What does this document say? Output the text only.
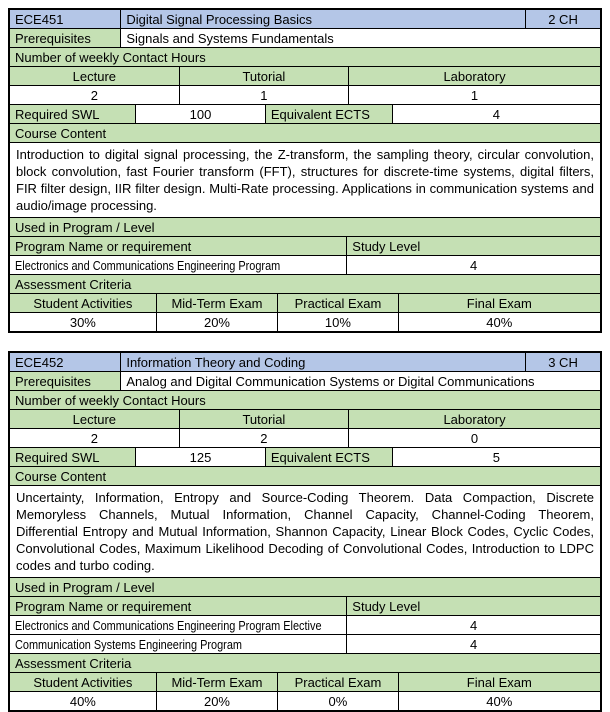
ECE451	Digital Signal Processing Basics	2 CH
Prerequisites	Signals and Systems Fundamentals
Number of weekly Contact Hours
Lecture	Tutorial	Laboratory
2	1	1
Required SWL	100	Equivalent ECTS	4
Course Content
Introduction to digital signal processing, the Z-transform, the sampling theory, circular convolution, block convolution, fast Fourier transform (FFT), structures for discrete-time systems, digital filters, FIR filter design, IIR filter design. Multi-Rate processing. Applications in communication systems and audio/image processing.
Used in Program / Level
Program Name or requirement	Study Level
Electronics and Communications Engineering Program	4
Assessment Criteria
Student Activities	Mid-Term Exam	Practical Exam	Final Exam
30%	20%	10%	40%
ECE452	Information Theory and Coding	3 CH
Prerequisites	Analog and Digital Communication Systems or Digital Communications
Number of weekly Contact Hours
Lecture	Tutorial	Laboratory
2	2	0
Required SWL	125	Equivalent ECTS	5
Course Content
Uncertainty, Information, Entropy and Source-Coding Theorem. Data Compaction, Discrete Memoryless Channels, Mutual Information, Channel Capacity, Channel-Coding Theorem, Differential Entropy and Mutual Information, Shannon Capacity, Linear Block Codes, Cyclic Codes, Convolutional Codes, Maximum Likelihood Decoding of Convolutional Codes, Introduction to LDPC codes and turbo coding.
Used in Program / Level
Program Name or requirement	Study Level
Electronics and Communications Engineering Program Elective	4
Communication Systems Engineering Program	4
Assessment Criteria
Student Activities	Mid-Term Exam	Practical Exam	Final Exam
40%	20%	0%	40%
